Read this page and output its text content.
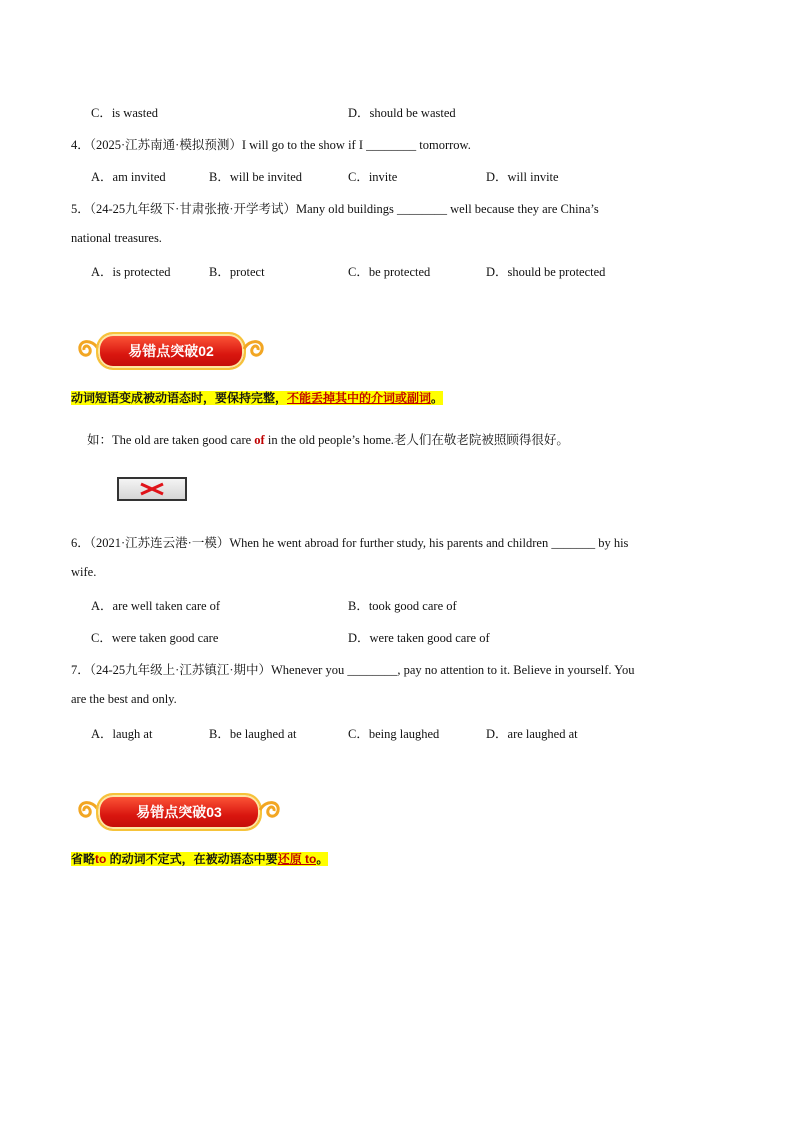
C．is wasted	D．should be wasted
4．（2025·江苏南通·模拟预测）I will go to the show if I ________ tomorrow.
A．am invited	B．will be invited	C．invite	D．will invite
5．（24-25九年级下·甘肃张掖·开学考试）Many old buildings ________ well because they are China’s
national treasures.
A．is protected	B．protect	C．be protected	D．should be protected
易错点突破02
动词短语变成被动语态时，要保持完整，不能丢掉其中的介词或副词。
如：The old are taken good care of in the old people’s home.老人们在敬老院被照顾得很好。
6．（2021·江苏连云港·一模）When he went abroad for further study, his parents and children _______ by his
wife.
A．are well taken care of	B．took good care of
C．were taken good care	D．were taken good care of
7．（24-25九年级上·江苏镇江·期中）Whenever you ________, pay no attention to it. Believe in yourself. You
are the best and only.
A．laugh at	B．be laughed at	C．being laughed	D．are laughed at
易错点突破03
省略to 的动词不定式，在被动语态中要还原 to。
